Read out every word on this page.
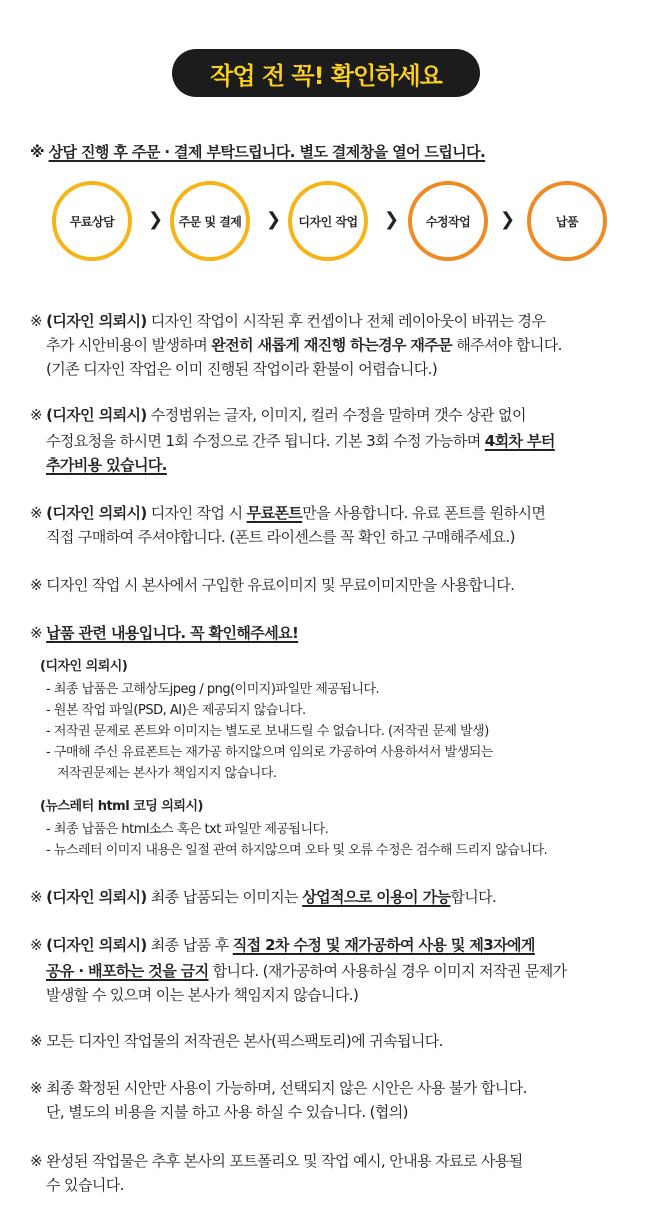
작업 전 꼭! 확인하세요
※ 상담 진행 후 주문 · 결제 부탁드립니다. 별도 결제창을 열어 드립니다.
무료상담	❯	주문 및 결제	❯	디자인 작업	❯	수정작업	❯	납품
※ (디자인 의뢰시) 디자인 작업이 시작된 후 컨셉이나 전체 레이아웃이 바뀌는 경우
추가 시안비용이 발생하며 완전히 새롭게 재진행 하는경우 재주문 해주셔야 합니다.
(기존 디자인 작업은 이미 진행된 작업이라 환불이 어렵습니다.)
※ (디자인 의뢰시) 수정범위는 글자, 이미지, 컬러 수정을 말하며 갯수 상관 없이
수정요청을 하시면 1회 수정으로 간주 됩니다. 기본 3회 수정 가능하며 4회차 부터
추가비용 있습니다.
※ (디자인 의뢰시) 디자인 작업 시 무료폰트만을 사용합니다. 유료 폰트를 원하시면
직접 구매하여 주셔야합니다. (폰트 라이센스를 꼭 확인 하고 구매해주세요.)
※ 디자인 작업 시 본사에서 구입한 유료이미지 및 무료이미지만을 사용합니다.
※ 납품 관련 내용입니다. 꼭 확인해주세요!
(디자인 의뢰시)
- 최종 납품은 고해상도jpeg / png(이미지)파일만 제공됩니다.
- 원본 작업 파일(PSD, AI)은 제공되지 않습니다.
- 저작권 문제로 폰트와 이미지는 별도로 보내드릴 수 없습니다. (저작권 문제 발생)
- 구매해 주신 유료폰트는 재가공 하지않으며 임의로 가공하여 사용하셔서 발생되는
저작권문제는 본사가 책임지지 않습니다.
(뉴스레터 html 코딩 의뢰시)
- 최종 납품은 html소스 혹은 txt 파일만 제공됩니다.
- 뉴스레터 이미지 내용은 일절 관여 하지않으며 오타 및 오류 수정은 검수해 드리지 않습니다.
※ (디자인 의뢰시) 최종 납품되는 이미지는 상업적으로 이용이 가능합니다.
※ (디자인 의뢰시) 최종 납품 후 직접 2차 수정 및 재가공하여 사용 및 제3자에게
공유 · 배포하는 것을 금지 합니다. (재가공하여 사용하실 경우 이미지 저작권 문제가
발생할 수 있으며 이는 본사가 책임지지 않습니다.)
※ 모든 디자인 작업물의 저작권은 본사(픽스팩토리)에 귀속됩니다.
※ 최종 확정된 시안만 사용이 가능하며, 선택되지 않은 시안은 사용 불가 합니다.
단, 별도의 비용을 지불 하고 사용 하실 수 있습니다. (협의)
※ 완성된 작업물은 추후 본사의 포트폴리오 및 작업 예시, 안내용 자료로 사용될
수 있습니다.
